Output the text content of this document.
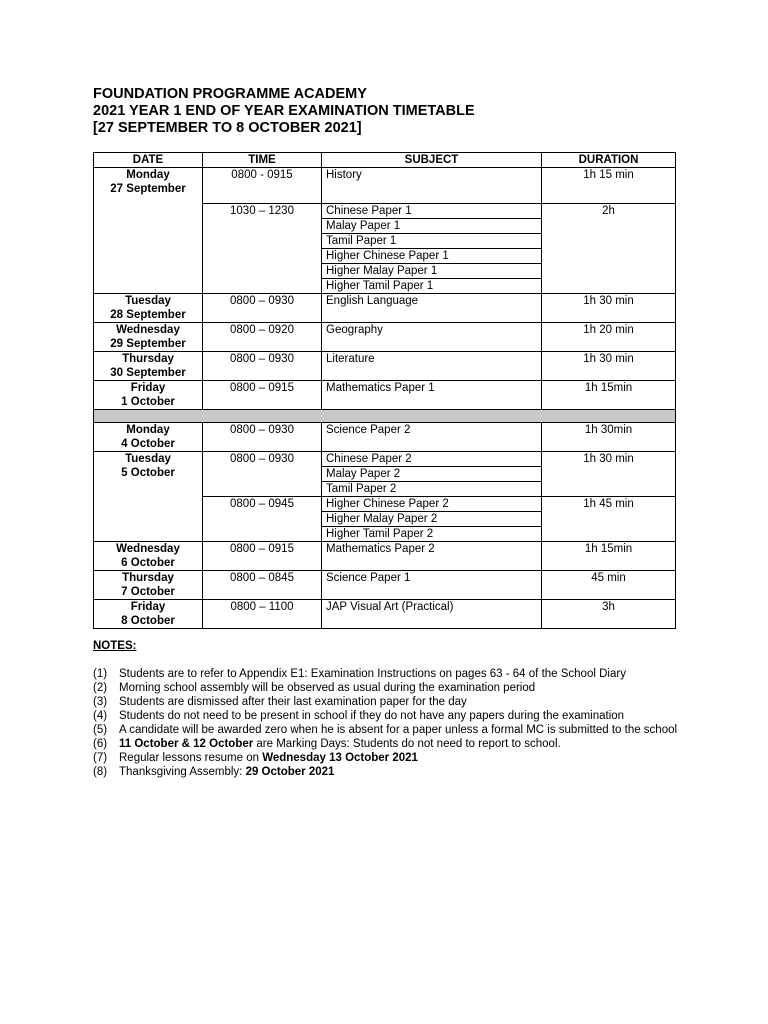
FOUNDATION PROGRAMME ACADEMY
2021 YEAR 1 END OF YEAR EXAMINATION TIMETABLE
[27 SEPTEMBER TO 8 OCTOBER 2021]
DATE	TIME	SUBJECT	DURATION

Monday
27 September	0800 - 0915	History	1h 15 min
	1030 – 1230	Chinese Paper 1	2h
		Malay Paper 1	
		Tamil Paper 1	
		Higher Chinese Paper 1	
		Higher Malay Paper 1	
		Higher Tamil Paper 1	

Tuesday
28 September	0800 – 0930	English Language	1h 30 min

Wednesday
29 September	0800 – 0920	Geography	1h 20 min

Thursday
30 September	0800 – 0930	Literature	1h 30 min

Friday
1 October	0800 – 0915	Mathematics Paper 1	1h 15min

Monday
4 October	0800 – 0930	Science Paper 2	1h 30min

Tuesday
5 October	0800 – 0930	Chinese Paper 2	1h 30 min
		Malay Paper 2	
		Tamil Paper 2	
	0800 – 0945	Higher Chinese Paper 2	1h 45 min
		Higher Malay Paper 2	
		Higher Tamil Paper 2	

Wednesday
6 October	0800 – 0915	Mathematics Paper 2	1h 15min

Thursday
7 October	0800 – 0845	Science Paper 1	45 min

Friday
8 October	0800 – 1100	JAP Visual Art (Practical)	3h
NOTES:
(1)	Students are to refer to Appendix E1: Examination Instructions on pages 63 - 64 of the School Diary
(2)	Morning school assembly will be observed as usual during the examination period
(3)	Students are dismissed after their last examination paper for the day
(4)	Students do not need to be present in school if they do not have any papers during the examination
(5)	A candidate will be awarded zero when he is absent for a paper unless a formal MC is submitted to the school
(6)	11 October & 12 October are Marking Days: Students do not need to report to school.
(7)	Regular lessons resume on Wednesday 13 October 2021
(8)	Thanksgiving Assembly: 29 October 2021
